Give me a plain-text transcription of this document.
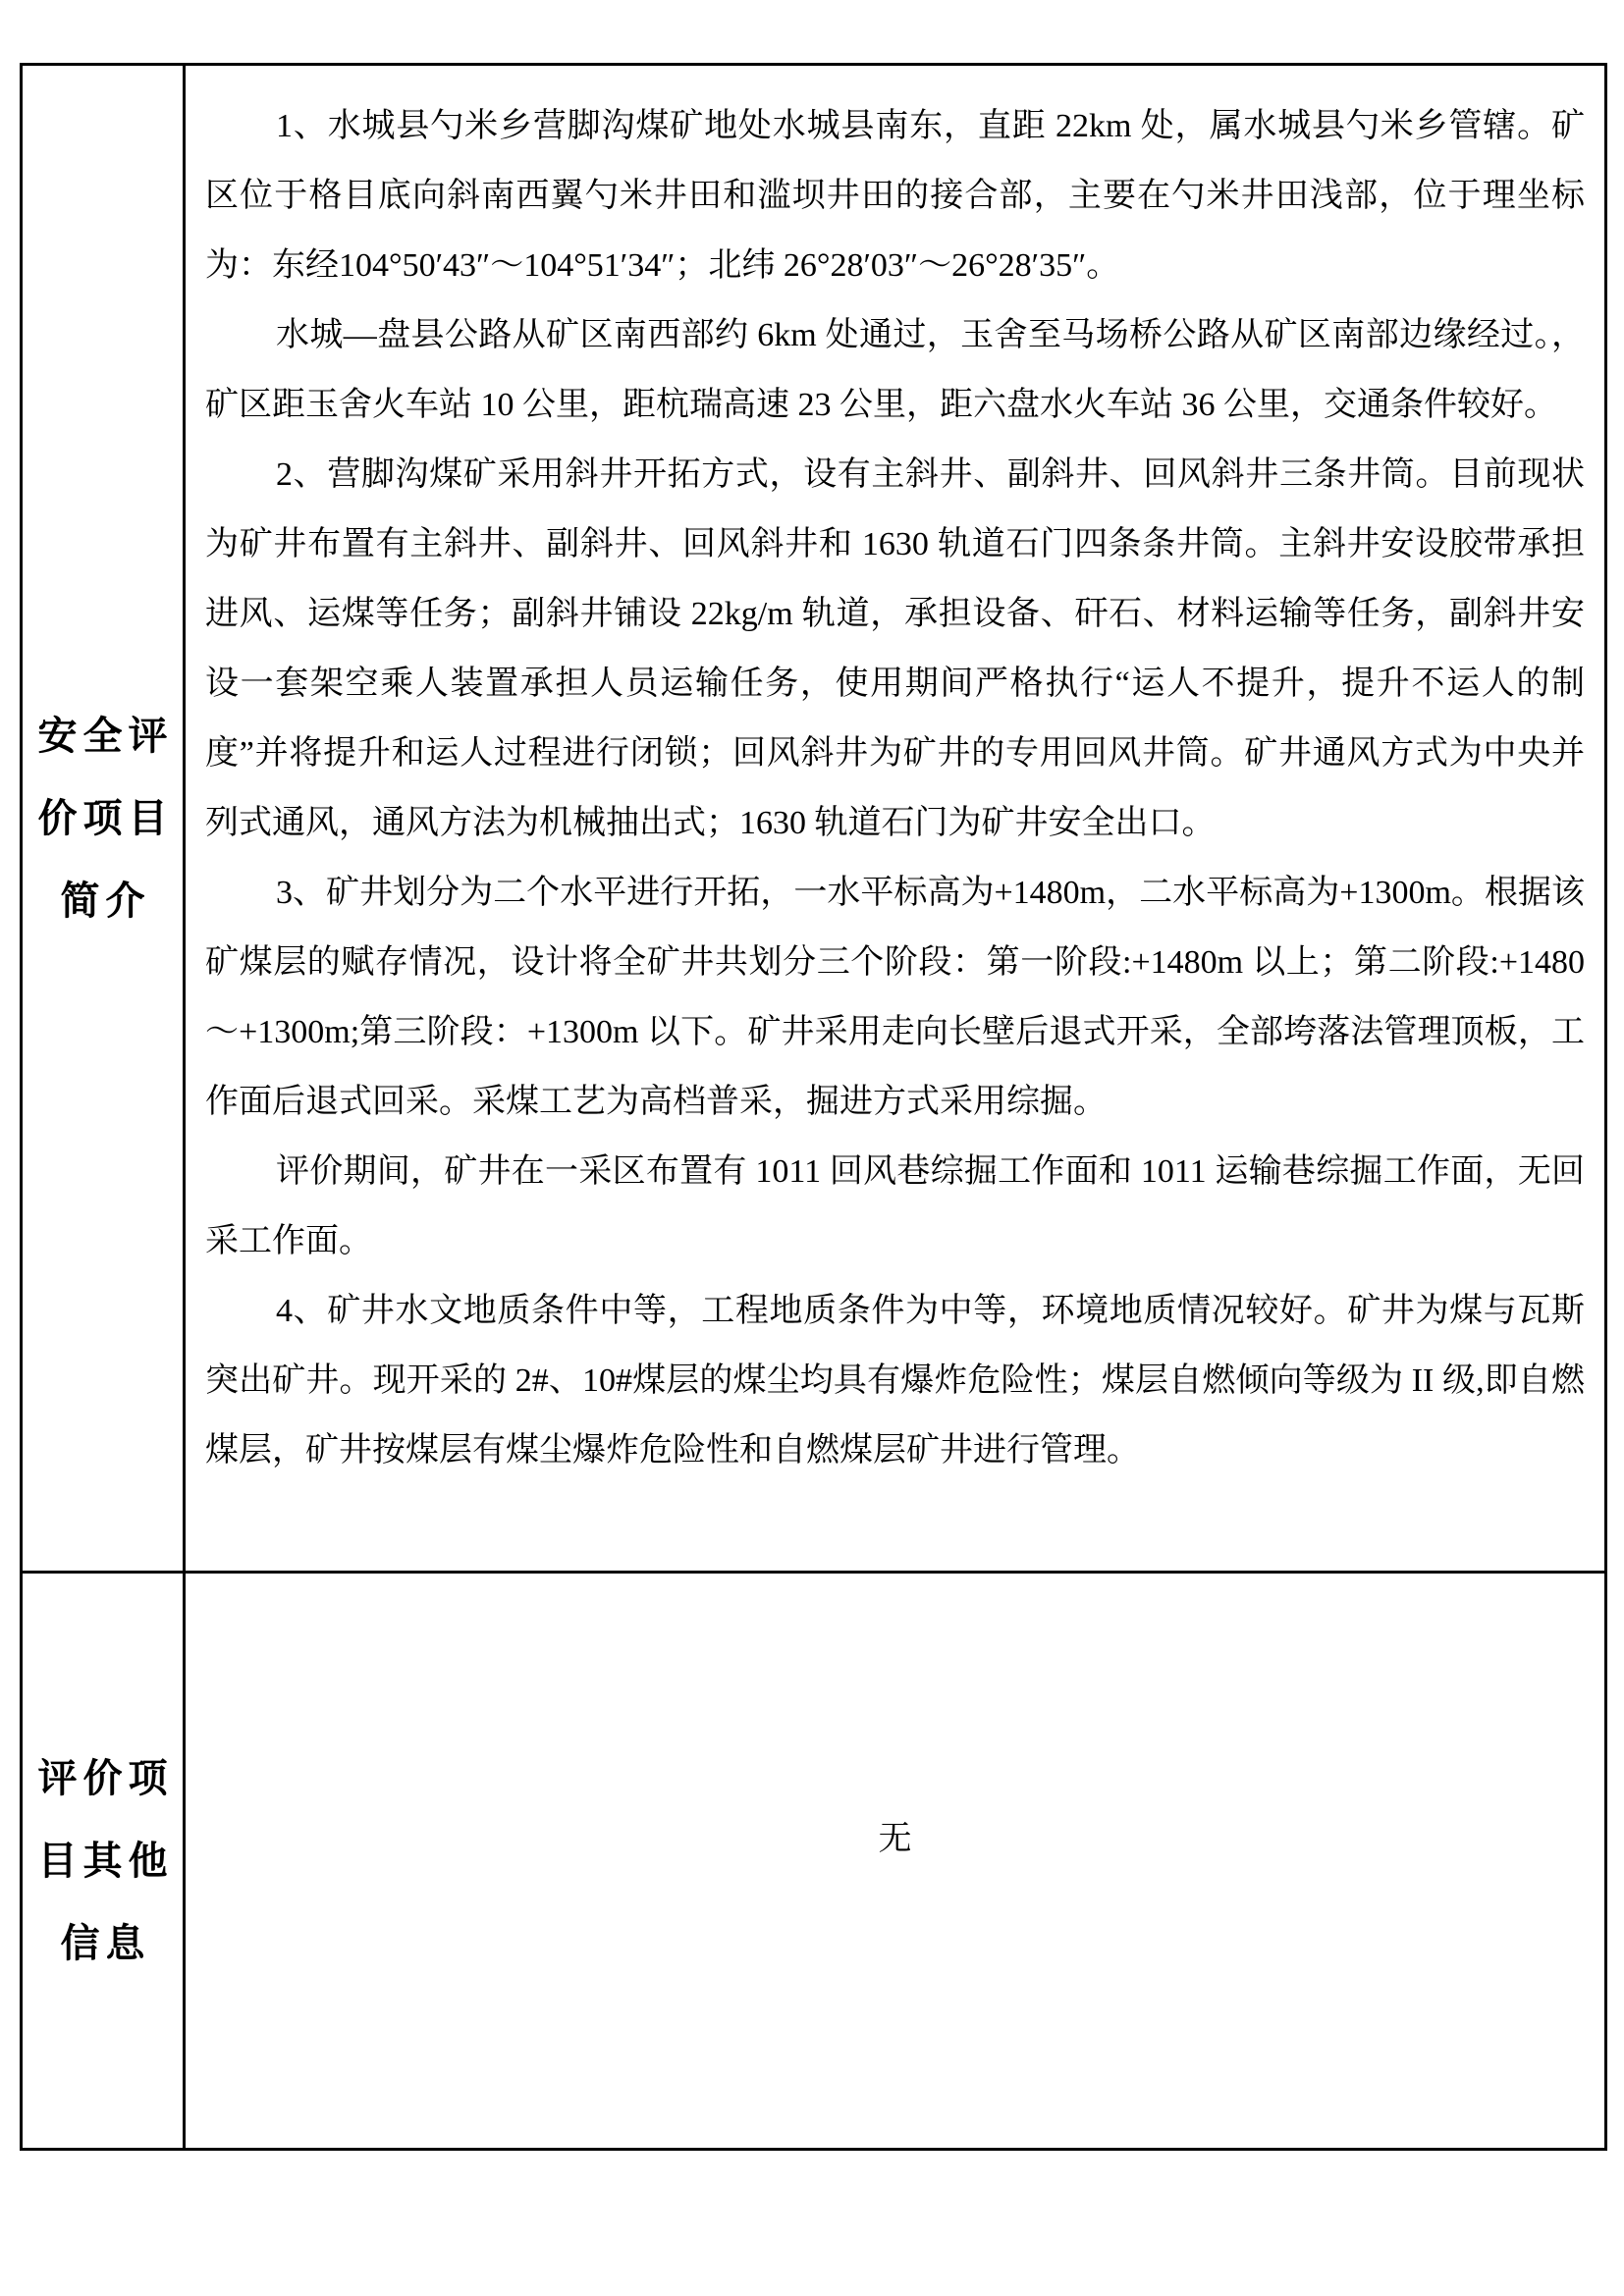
安全评
价项目
简介

1、水城县勺米乡营脚沟煤矿地处水城县南东，直距 22km 处，属水城县勺米乡管辖。矿区位于格目底向斜南西翼勺米井田和滥坝井田的接合部，主要在勺米井田浅部，位于理坐标为：东经104°50′43″～104°51′34″；北纬 26°28′03″～26°28′35″。

水城—盘县公路从矿区南西部约 6km 处通过，玉舍至马场桥公路从矿区南部边缘经过。，矿区距玉舍火车站 10 公里，距杭瑞高速 23 公里，距六盘水火车站 36 公里，交通条件较好。

2、营脚沟煤矿采用斜井开拓方式，设有主斜井、副斜井、回风斜井三条井筒。目前现状为矿井布置有主斜井、副斜井、回风斜井和 1630 轨道石门四条条井筒。主斜井安设胶带承担进风、运煤等任务；副斜井铺设 22kg/m 轨道，承担设备、矸石、材料运输等任务，副斜井安设一套架空乘人装置承担人员运输任务，使用期间严格执行“运人不提升，提升不运人的制度”并将提升和运人过程进行闭锁；回风斜井为矿井的专用回风井筒。矿井通风方式为中央并列式通风，通风方法为机械抽出式；1630 轨道石门为矿井安全出口。

3、矿井划分为二个水平进行开拓，一水平标高为+1480m，二水平标高为+1300m。根据该矿煤层的赋存情况，设计将全矿井共划分三个阶段：第一阶段:+1480m 以上；第二阶段:+1480～+1300m;第三阶段：+1300m 以下。矿井采用走向长壁后退式开采，全部垮落法管理顶板，工作面后退式回采。采煤工艺为高档普采，掘进方式采用综掘。

评价期间，矿井在一采区布置有 1011 回风巷综掘工作面和 1011 运输巷综掘工作面，无回采工作面。

4、矿井水文地质条件中等，工程地质条件为中等，环境地质情况较好。矿井为煤与瓦斯突出矿井。现开采的 2#、10#煤层的煤尘均具有爆炸危险性；煤层自燃倾向等级为 II 级,即自燃煤层，矿井按煤层有煤尘爆炸危险性和自燃煤层矿井进行管理。

评价项
目其他
信息
无
